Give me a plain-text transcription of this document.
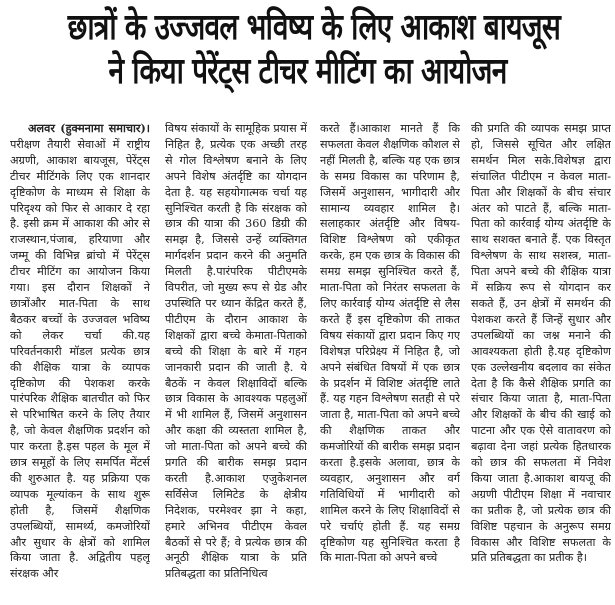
छात्रों के उज्जवल भविष्य के लिए आकाश बायजूस
ने किया पेरेंट्स टीचर मीटिंग का आयोजन

अलवर (हुक्मनामा समाचार)। परीक्षण तैयारी सेवाओं में राष्ट्रीय अग्रणी, आकाश बायजूस, पेरेंट्स टीचर मीटिंगके लिए एक शानदार दृष्टिकोण के माध्यम से शिक्षा के परिदृश्य को फिर से आकार दे रहा है. इसी क्रम में आकाश की ओर से राजस्थान,पंजाब, हरियाणा और जम्मू की विभिन्न ब्रांचो में पेरेंट्स टीचर मीटिंग का आयोजन किया गया। इस दौरान शिक्षकों ने छात्रोंऔर मात-पिता के साथ बैठकर बच्चों के उज्जवल भविष्य को लेकर चर्चा की.यह परिवर्तनकारी मॉडल प्रत्येक छात्र की शैक्षिक यात्रा के व्यापक दृष्टिकोण की पेशकश करके पारंपरिक शैक्षिक बातचीत को फिर से परिभाषित करने के लिए तैयार है, जो केवल शैक्षणिक प्रदर्शन को पार करता है.इस पहल के मूल में छात्र समूहों के लिए समर्पित मेंटर्स की शुरुआत है. यह प्रक्रिया एक व्यापक मूल्यांकन के साथ शुरू होती है, जिसमें शैक्षणिक उपलब्धियों, सामर्थ्य, कमजोरियों और सुधार के क्षेत्रों को शामिल किया जाता है. अद्वितीय पहलू संरक्षक और

विषय संकायों के सामूहिक प्रयास में निहित है, प्रत्येक एक अच्छी तरह से गोल विश्लेषण बनाने के लिए अपने विशेष अंतर्दृष्टि का योगदान देता है. यह सहयोगात्मक चर्चा यह सुनिश्चित करती है कि संरक्षक को छात्र की यात्रा की 360 डिग्री की समझ है, जिससे उन्हें व्यक्तिगत मार्गदर्शन प्रदान करने की अनुमति मिलती है.पारंपरिक पीटीएमके विपरीत, जो मुख्य रूप से ग्रेड और उपस्थिति पर ध्यान केंद्रित करते हैं, पीटीएम के दौरान आकाश के शिक्षकों द्वारा बच्चे केमाता-पिताको बच्चे की शिक्षा के बारे में गहन जानकारी प्रदान की जाती है. ये बैठकें न केवल शिक्षाविदों बल्कि छात्र विकास के आवश्यक पहलुओं में भी शामिल हैं, जिसमें अनुशासन और कक्षा की व्यस्तता शामिल है, जो माता-पिता को अपने बच्चे की प्रगति की बारीक समझ प्रदान करती है.आकाश एजुकेशनल सर्विसेज लिमिटेड के क्षेत्रीय निदेशक, परमेश्वर झा ने कहा, हमारे अभिनव पीटीएम केवल बैठकों से परे हैं; वे प्रत्येक छात्र की अनूठी शैक्षिक यात्रा के प्रति प्रतिबद्धता का प्रतिनिधित्व

करते हैं।आकाश मानते हैं कि सफलता केवल शैक्षणिक कौशल से नहीं मिलती है, बल्कि यह एक छात्र के समग्र विकास का परिणाम है, जिसमें अनुशासन, भागीदारी और सामान्य व्यवहार शामिल है। सलाहकार अंतर्दृष्टि और विषय-विशिष्ट विश्लेषण को एकीकृत करके, हम एक छात्र के विकास की समग्र समझ सुनिश्चित करते हैं, माता-पिता को निरंतर सफलता के लिए कार्रवाई योग्य अंतर्दृष्टि से लैस करते हैं इस दृष्टिकोण की ताकत विषय संकायों द्वारा प्रदान किए गए विशेषज्ञ परिप्रेक्ष्य में निहित है, जो अपने संबंधित विषयों में एक छात्र के प्रदर्शन में विशिष्ट अंतर्दृष्टि लाते हैं. यह गहन विश्लेषण सतही से परे जाता है, माता-पिता को अपने बच्चे की शैक्षणिक ताकत और कमजोरियों की बारीक समझ प्रदान करता है.इसके अलावा, छात्र के व्यवहार, अनुशासन और वर्ग गतिविधियों में भागीदारी को शामिल करने के लिए शिक्षाविदों से परे चर्चाएं होती हैं. यह समग्र दृष्टिकोण यह सुनिश्चित करता है कि माता-पिता को अपने बच्चे

की प्रगति की व्यापक समझ प्राप्त हो, जिससे सूचित और लक्षित समर्थन मिल सके.विशेषज्ञ द्वारा संचालित पीटीएम न केवल माता-पिता और शिक्षकों के बीच संचार अंतर को पाटते हैं, बल्कि माता-पिता को कार्रवाई योग्य अंतर्दृष्टि के साथ सशक्त बनाते हैं. एक विस्तृत विश्लेषण के साथ सशस्त्र, माता-पिता अपने बच्चे की शैक्षिक यात्रा में सक्रिय रूप से योगदान कर सकते हैं, उन क्षेत्रों में समर्थन की पेशकश करते हैं जिन्हें सुधार और उपलब्धियों का जश्न मनाने की आवश्यकता होती है.यह दृष्टिकोण एक उल्लेखनीय बदलाव का संकेत देता है कि कैसे शैक्षिक प्रगति का संचार किया जाता है, माता-पिता और शिक्षकों के बीच की खाई को पाटना और एक ऐसे वातावरण को बढ़ावा देना जहां प्रत्येक हितधारक को छात्र की सफलता में निवेश किया जाता है.आकाश बायजू की अग्रणी पीटीएम शिक्षा में नवाचार का प्रतीक है, जो प्रत्येक छात्र की विशिष्ट पहचान के अनुरूप समग्र विकास और विशिष्ट सफलता के प्रति प्रतिबद्धता का प्रतीक है।
